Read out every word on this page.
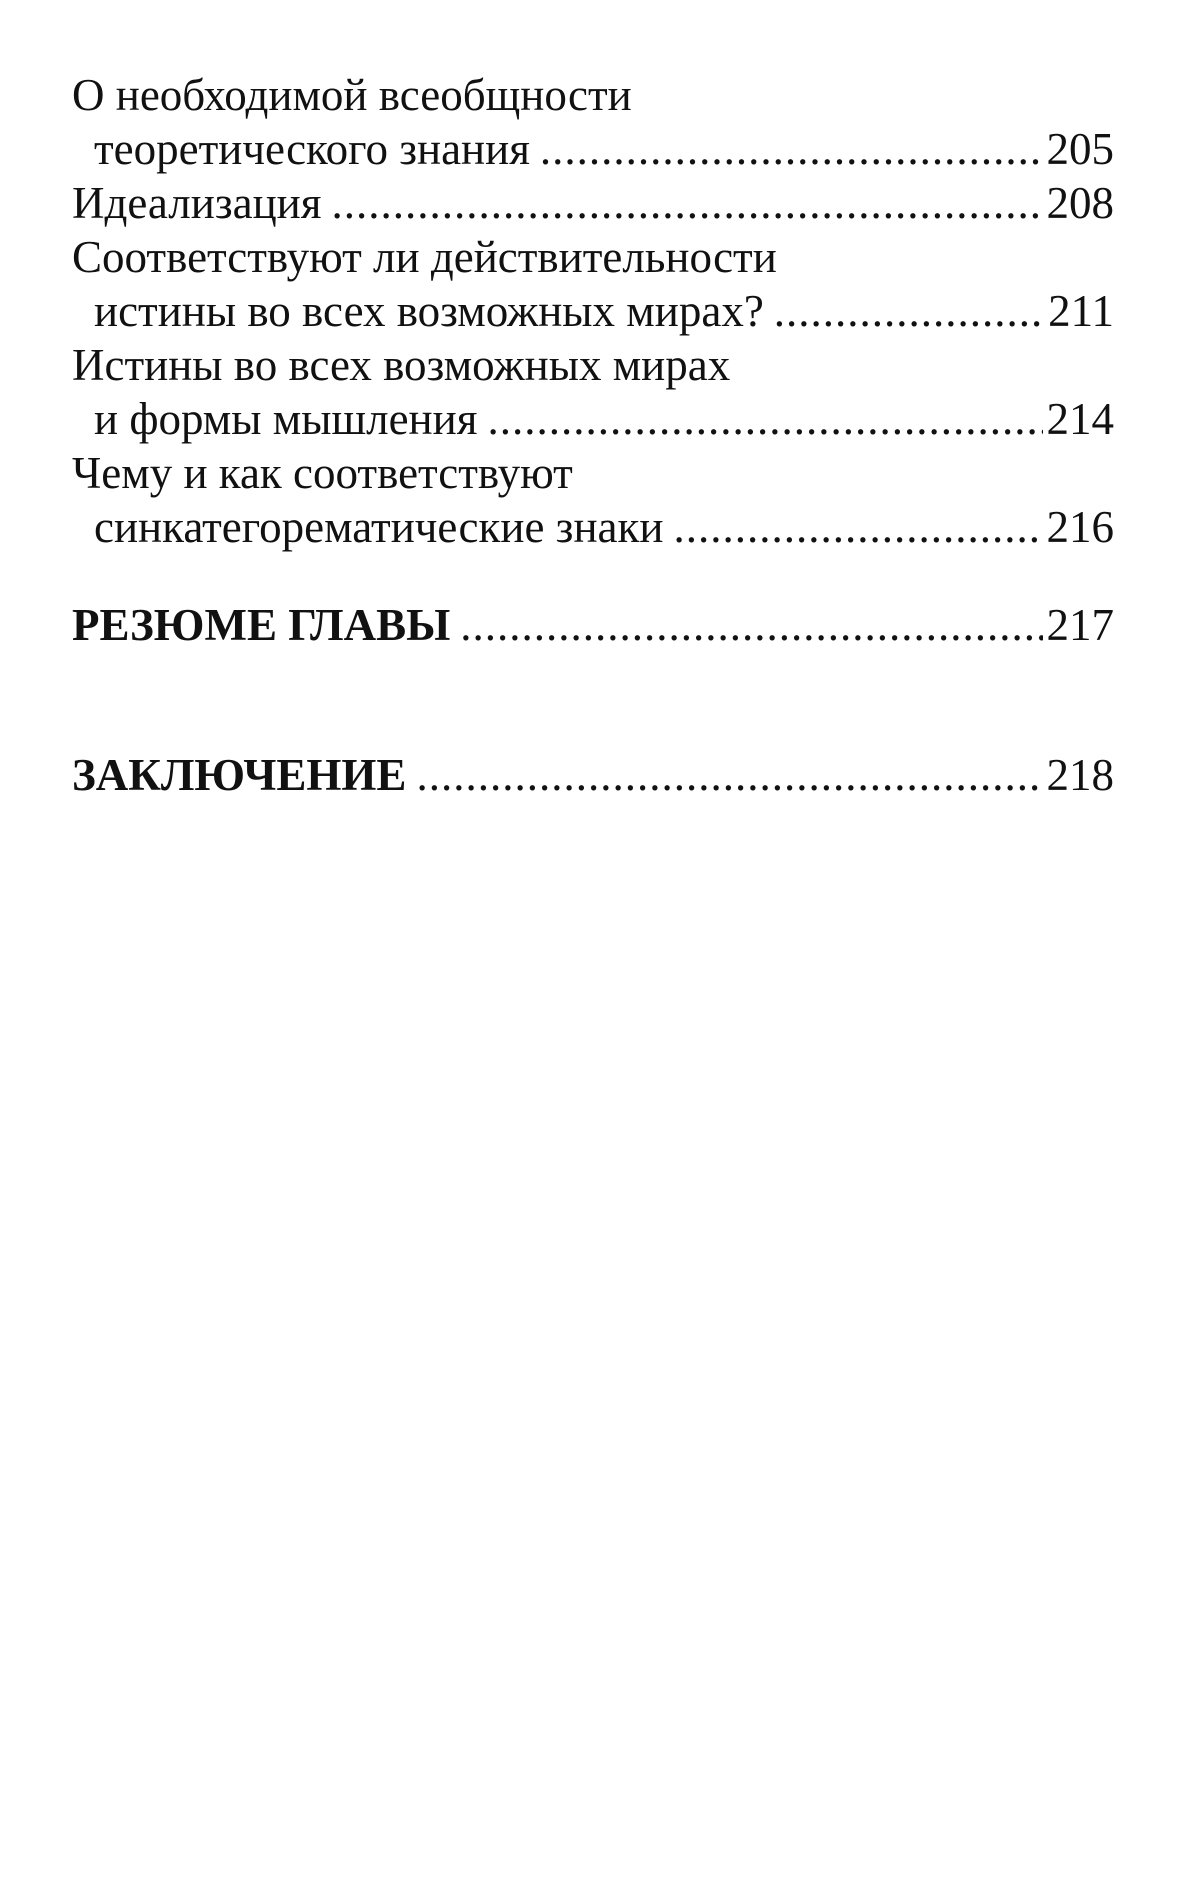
О необходимой всеобщности
теоретического знания .....	205
Идеализация .....	208
Соответствуют ли действительности
истины во всех возможных мирах? .....	211
Истины во всех возможных мирах
и формы мышления .....	214
Чему и как соответствуют
синкатегорематические знаки .....	216
РЕЗЮМЕ ГЛАВЫ .....	217
ЗАКЛЮЧЕНИЕ .....	218
